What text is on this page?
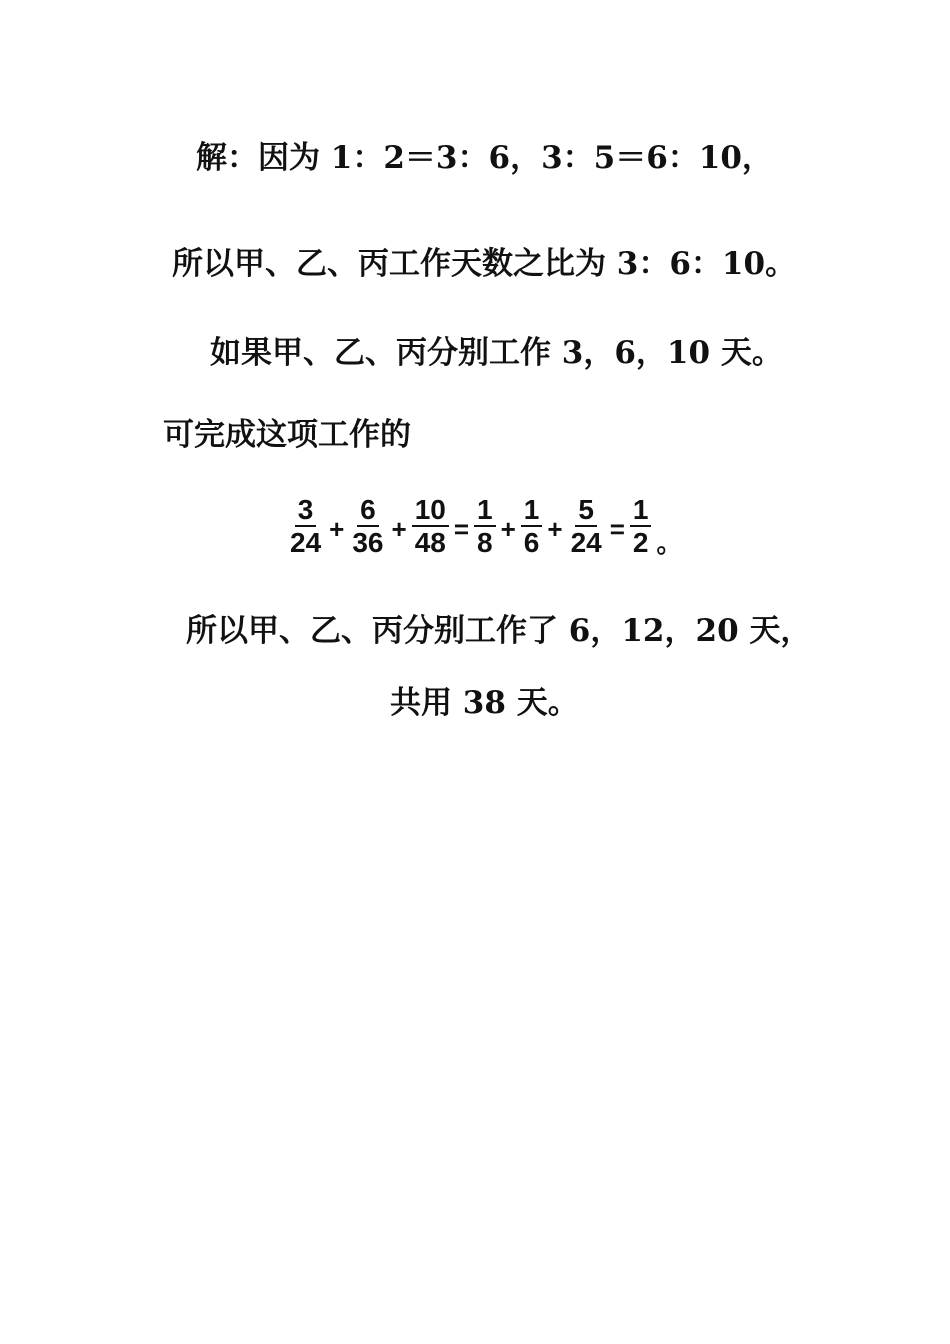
解：因为 1：2＝3：6，3：5＝6：10，
所以甲、乙、丙工作天数之比为 3：6：10。
如果甲、乙、丙分别工作 3，6，10 天。
可完成这项工作的
$\frac{3}{24} + \frac{6}{36} + \frac{10}{48} = \frac{1}{8} + \frac{1}{6} + \frac{5}{24} = \frac{1}{2}$ 。
所以甲、乙、丙分别工作了 6，12，20 天，
共用 38 天。
